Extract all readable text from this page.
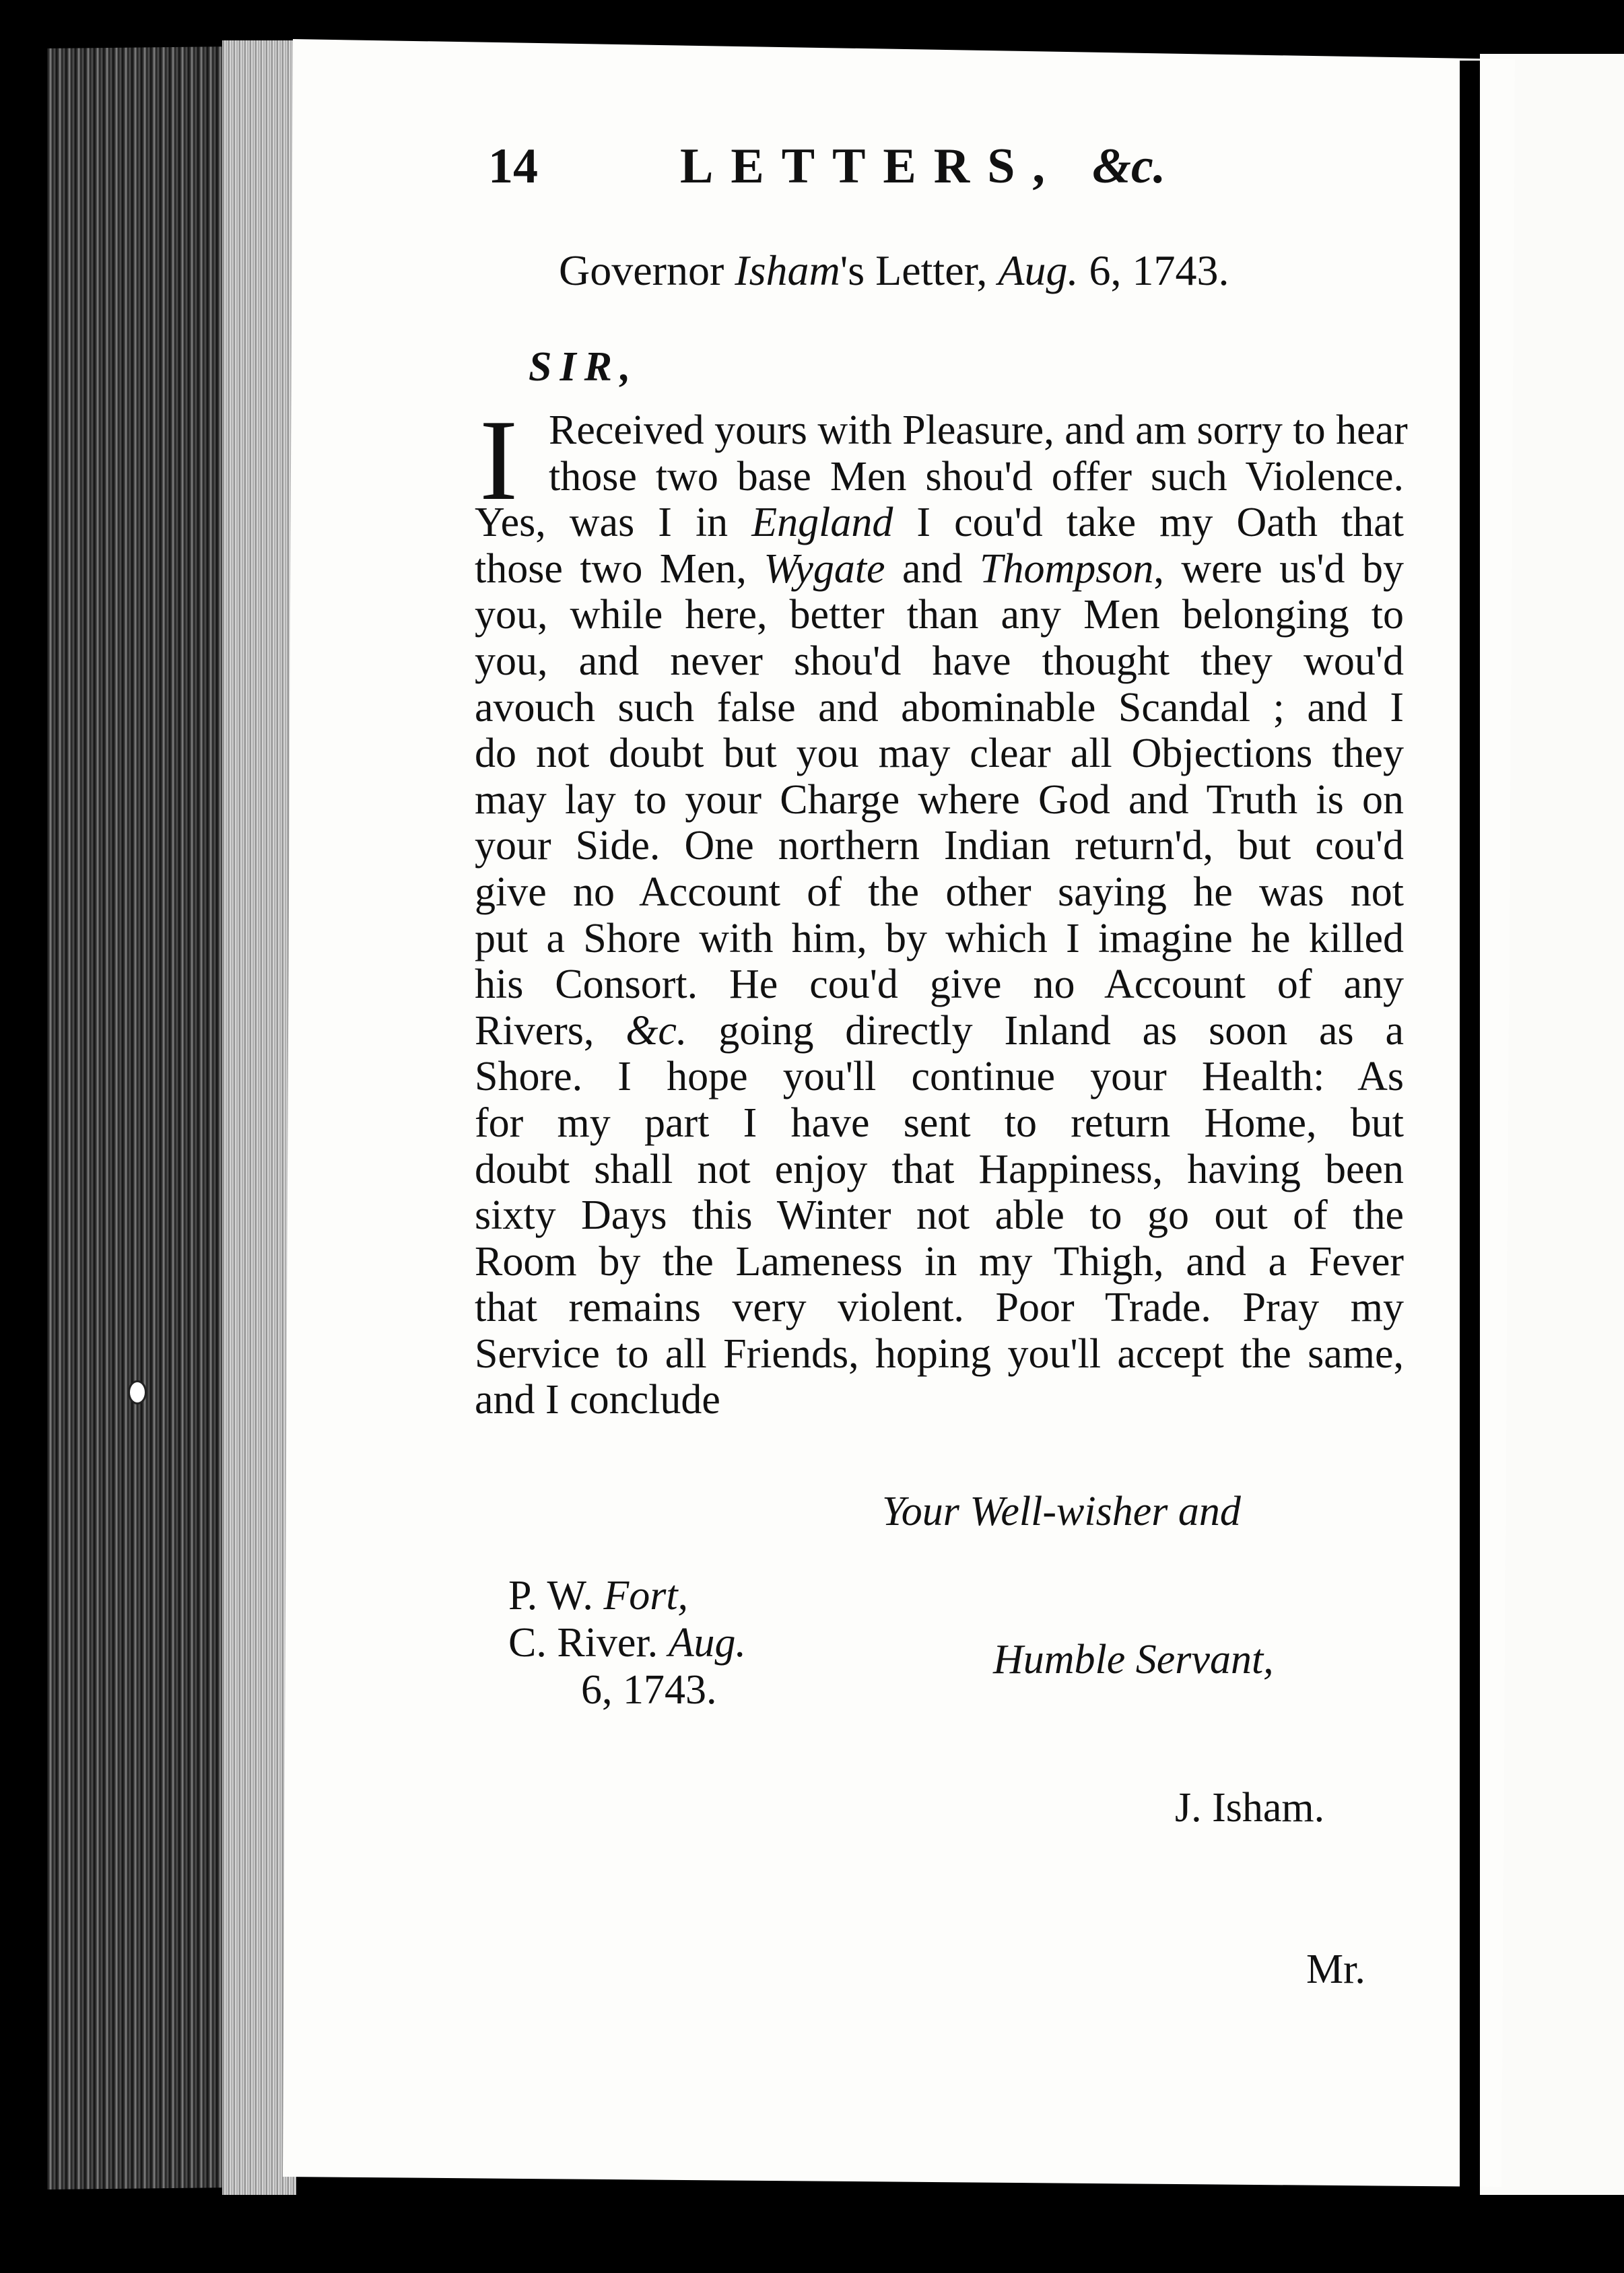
14	LETTERS, &c.
Governor Isham's Letter, Aug. 6, 1743.
SIR,
I Received yours with Pleasure, and am sorry to hear
those two base Men shou'd offer such Violence.
Yes, was I in England I cou'd take my Oath that
those two Men, Wygate and Thompson, were us'd by
you, while here, better than any Men belonging to
you, and never shou'd have thought they wou'd
avouch such false and abominable Scandal ; and I
do not doubt but you may clear all Objections they
may lay to your Charge where God and Truth is on
your Side. One northern Indian return'd, but cou'd
give no Account of the other saying he was not
put a Shore with him, by which I imagine he killed
his Consort. He cou'd give no Account of any
Rivers, &c. going directly Inland as soon as a
Shore. I hope you'll continue your Health: As
for my part I have sent to return Home, but
doubt shall not enjoy that Happiness, having been
sixty Days this Winter not able to go out of the
Room by the Lameness in my Thigh, and a Fever
that remains very violent. Poor Trade. Pray my
Service to all Friends, hoping you'll accept the same,
and I conclude
Your Well-wisher and
P. W. Fort,
C. River. Aug.
6, 1743.
Humble Servant,
J. Isham.
Mr.
